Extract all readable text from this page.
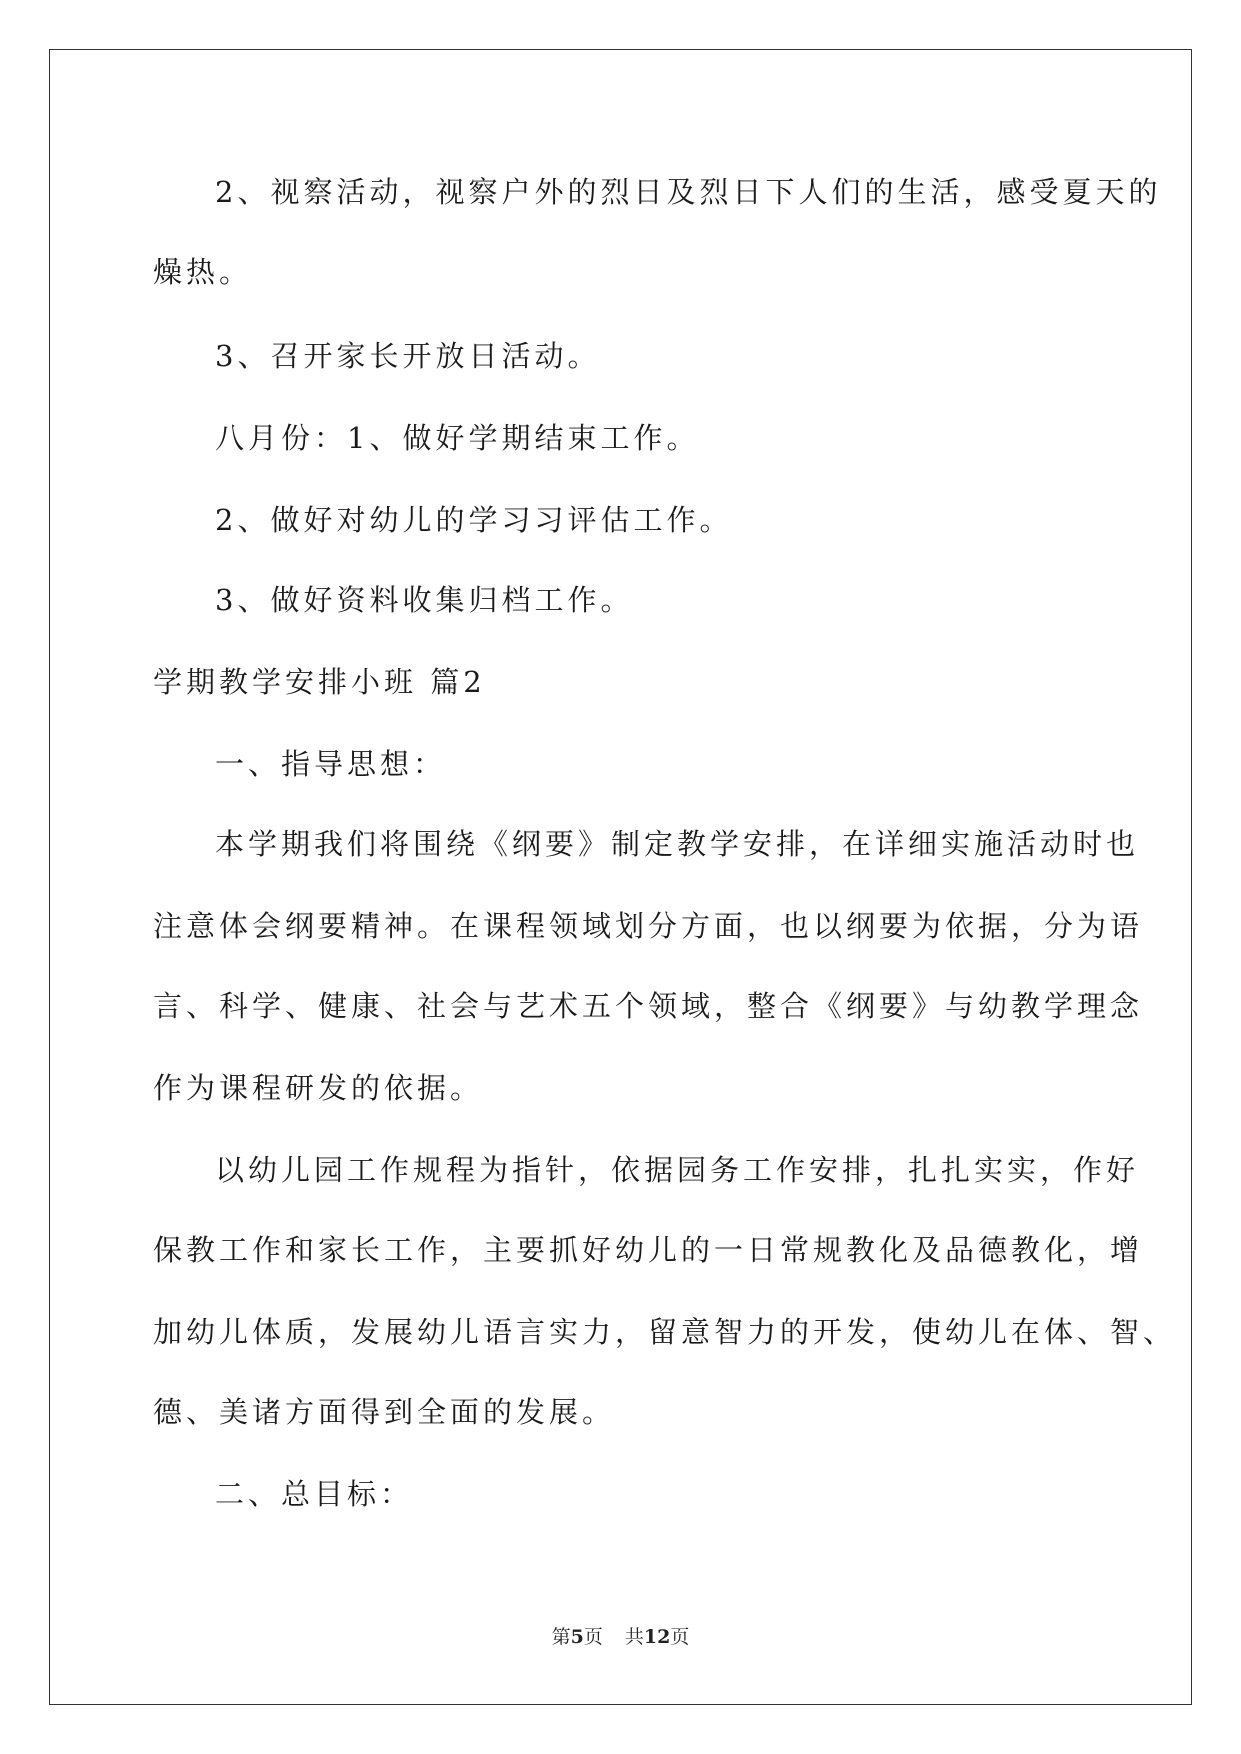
2、视察活动，视察户外的烈日及烈日下人们的生活，感受夏天的
燥热。
3、召开家长开放日活动。
八月份：1、做好学期结束工作。
2、做好对幼儿的学习习评估工作。
3、做好资料收集归档工作。
学期教学安排小班 篇2
一、指导思想：
本学期我们将围绕《纲要》制定教学安排，在详细实施活动时也
注意体会纲要精神。在课程领域划分方面，也以纲要为依据，分为语
言、科学、健康、社会与艺术五个领域，整合《纲要》与幼教学理念
作为课程研发的依据。
以幼儿园工作规程为指针，依据园务工作安排，扎扎实实，作好
保教工作和家长工作，主要抓好幼儿的一日常规教化及品德教化，增
加幼儿体质，发展幼儿语言实力，留意智力的开发，使幼儿在体、智、
德、美诸方面得到全面的发展。
二、总目标：
第5页 共12页
